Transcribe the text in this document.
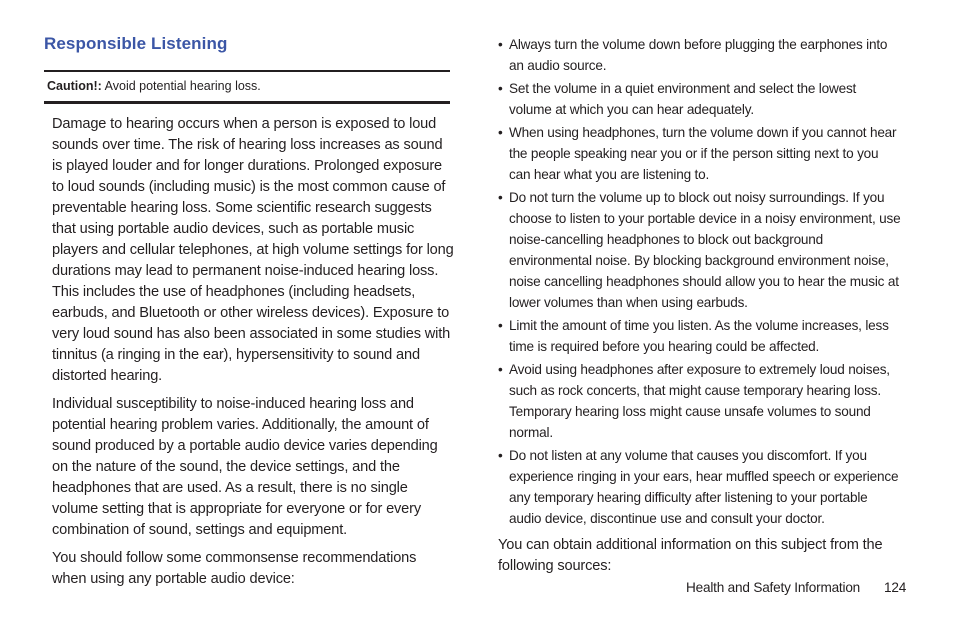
Responsible Listening
Caution!: Avoid potential hearing loss.

Damage to hearing occurs when a person is exposed to loud sounds over time. The risk of hearing loss increases as sound is played louder and for longer durations. Prolonged exposure to loud sounds (including music) is the most common cause of preventable hearing loss. Some scientific research suggests that using portable audio devices, such as portable music players and cellular telephones, at high volume settings for long durations may lead to permanent noise-induced hearing loss. This includes the use of headphones (including headsets, earbuds, and Bluetooth or other wireless devices). Exposure to very loud sound has also been associated in some studies with tinnitus (a ringing in the ear), hypersensitivity to sound and distorted hearing.

Individual susceptibility to noise-induced hearing loss and potential hearing problem varies. Additionally, the amount of sound produced by a portable audio device varies depending on the nature of the sound, the device settings, and the headphones that are used. As a result, there is no single volume setting that is appropriate for everyone or for every combination of sound, settings and equipment.

You should follow some commonsense recommendations when using any portable audio device:

• Always turn the volume down before plugging the earphones into an audio source.
• Set the volume in a quiet environment and select the lowest volume at which you can hear adequately.
• When using headphones, turn the volume down if you cannot hear the people speaking near you or if the person sitting next to you can hear what you are listening to.
• Do not turn the volume up to block out noisy surroundings. If you choose to listen to your portable device in a noisy environment, use noise-cancelling headphones to block out background environmental noise. By blocking background environment noise, noise cancelling headphones should allow you to hear the music at lower volumes than when using earbuds.
• Limit the amount of time you listen. As the volume increases, less time is required before you hearing could be affected.
• Avoid using headphones after exposure to extremely loud noises, such as rock concerts, that might cause temporary hearing loss. Temporary hearing loss might cause unsafe volumes to sound normal.
• Do not listen at any volume that causes you discomfort. If you experience ringing in your ears, hear muffled speech or experience any temporary hearing difficulty after listening to your portable audio device, discontinue use and consult your doctor.

You can obtain additional information on this subject from the following sources:

Health and Safety Information 124
